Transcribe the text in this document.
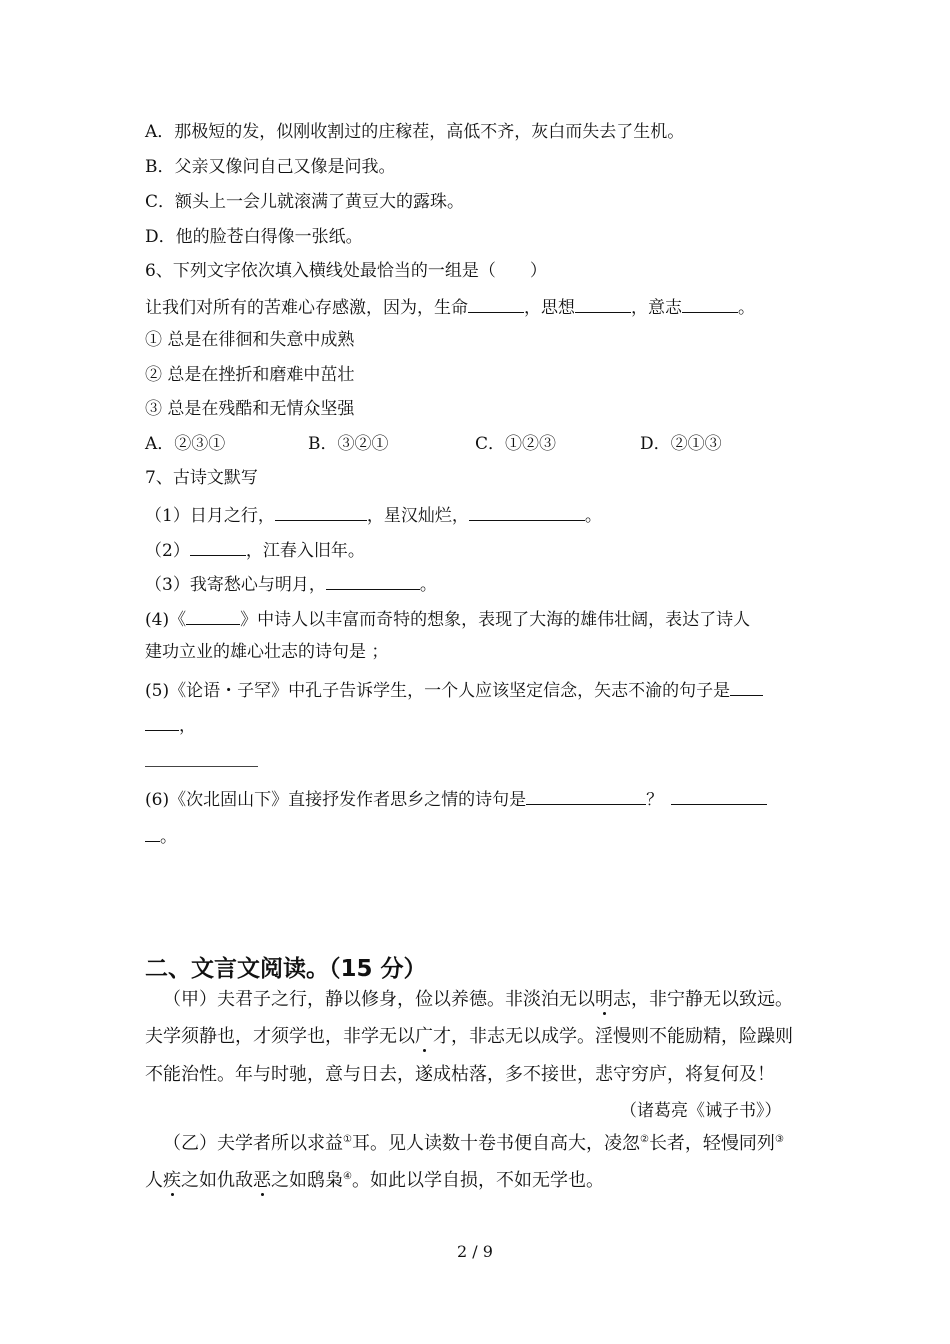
A．那极短的发，似刚收割过的庄稼茬，高低不齐，灰白而失去了生机。
B．父亲又像问自己又像是问我。
C．额头上一会儿就滚满了黄豆大的露珠。
D．他的脸苍白得像一张纸。
6、下列文字依次填入横线处最恰当的一组是（　　）
让我们对所有的苦难心存感激，因为，生命	，思想	，意志	。
① 总是在徘徊和失意中成熟
② 总是在挫折和磨难中茁壮
③ 总是在残酷和无情众坚强
A．②③①	B．③②①	C．①②③	D．②①③
7、古诗文默写
（1）日月之行，	，星汉灿烂，	。
（2）	，江春入旧年。
（3）我寄愁心与明月，	。
(4)《	》中诗人以丰富而奇特的想象，表现了大海的雄伟壮阔，表达了诗人
建功立业的雄心壮志的诗句是 ；
(5)《论语・子罕》中孔子告诉学生，一个人应该坚定信念，矢志不渝的句子是
，
(6)《次北固山下》直接抒发作者思乡之情的诗句是	？
。
二、文言文阅读。（15 分）
（甲）夫君子之行，静以修身，俭以养德。非淡泊无以明志，非宁静无以致远。
夫学须静也，才须学也，非学无以广才，非志无以成学。淫慢则不能励精，险躁则
不能治性。年与时驰，意与日去，遂成枯落，多不接世，悲守穷庐，将复何及！
（诸葛亮《诫子书》）
（乙）夫学者所以求益①耳。见人读数十卷书便自高大，凌忽②长者，轻慢同列③
人疾之如仇敌恶之如鸱枭④。如此以学自损，不如无学也。
2 / 9
